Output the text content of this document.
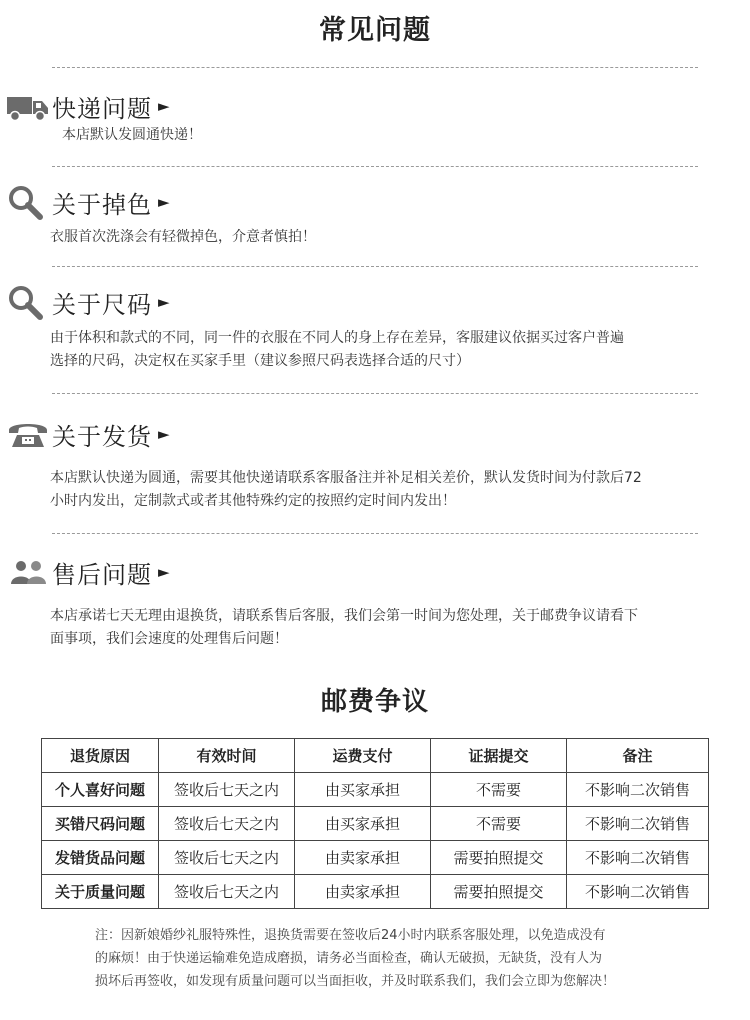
常见问题
快递问题 ►
本店默认发圆通快递！
关于掉色 ►
衣服首次洗涤会有轻微掉色，介意者慎拍！
关于尺码 ►
由于体积和款式的不同，同一件的衣服在不同人的身上存在差异，客服建议依据买过客户普遍
选择的尺码，决定权在买家手里（建议参照尺码表选择合适的尺寸）
关于发货 ►
本店默认快递为圆通，需要其他快递请联系客服备注并补足相关差价，默认发货时间为付款后72
小时内发出，定制款式或者其他特殊约定的按照约定时间内发出！
售后问题 ►
本店承诺七天无理由退换货，请联系售后客服，我们会第一时间为您处理，关于邮费争议请看下
面事项，我们会速度的处理售后问题！
邮费争议
退货原因	有效时间	运费支付	证据提交	备注
个人喜好问题	签收后七天之内	由买家承担	不需要	不影响二次销售
买错尺码问题	签收后七天之内	由买家承担	不需要	不影响二次销售
发错货品问题	签收后七天之内	由卖家承担	需要拍照提交	不影响二次销售
关于质量问题	签收后七天之内	由卖家承担	需要拍照提交	不影响二次销售
注：因新娘婚纱礼服特殊性，退换货需要在签收后24小时内联系客服处理，以免造成没有
的麻烦！由于快递运输难免造成磨损，请务必当面检查，确认无破损，无缺货，没有人为
损坏后再签收，如发现有质量问题可以当面拒收，并及时联系我们，我们会立即为您解决！
